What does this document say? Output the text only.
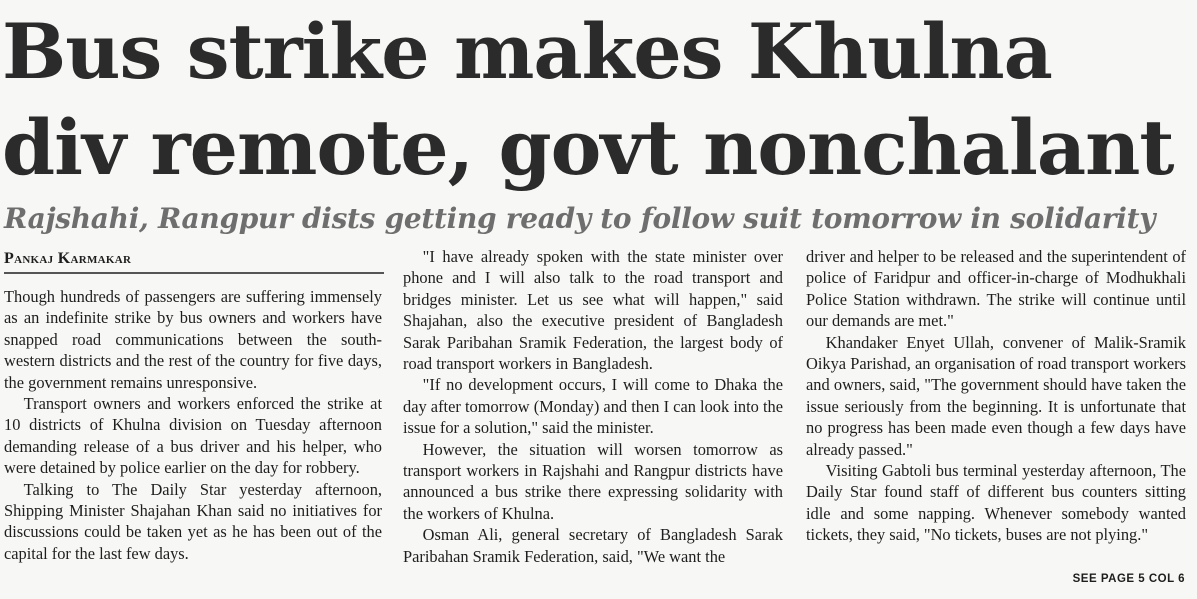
Bus strike makes Khulna div remote, govt nonchalant
Rajshahi, Rangpur dists getting ready to follow suit tomorrow in solidarity
Pankaj Karmakar

Though hundreds of passengers are suffering immensely as an indefinite strike by bus owners and workers have snapped road communications between the south-western districts and the rest of the country for five days, the government remains unresponsive.

Transport owners and workers enforced the strike at 10 districts of Khulna division on Tuesday afternoon demanding release of a bus driver and his helper, who were detained by police earlier on the day for robbery.

Talking to The Daily Star yesterday afternoon, Shipping Minister Shajahan Khan said no initiatives for discussions could be taken yet as he has been out of the capital for the last few days.

"I have already spoken with the state minister over phone and I will also talk to the road transport and bridges minister. Let us see what will happen," said Shajahan, also the executive president of Bangladesh Sarak Paribahan Sramik Federation, the largest body of road transport workers in Bangladesh.

"If no development occurs, I will come to Dhaka the day after tomorrow (Monday) and then I can look into the issue for a solution," said the minister.

However, the situation will worsen tomorrow as transport workers in Rajshahi and Rangpur districts have announced a bus strike there expressing solidarity with the workers of Khulna.

Osman Ali, general secretary of Bangladesh Sarak Paribahan Sramik Federation, said, "We want the

driver and helper to be released and the superintendent of police of Faridpur and officer-in-charge of Modhukhali Police Station withdrawn. The strike will continue until our demands are met."

Khandaker Enyet Ullah, convener of Malik-Sramik Oikya Parishad, an organisation of road transport workers and owners, said, "The government should have taken the issue seriously from the beginning. It is unfortunate that no progress has been made even though a few days have already passed."

Visiting Gabtoli bus terminal yesterday afternoon, The Daily Star found staff of different bus counters sitting idle and some napping. Whenever somebody wanted tickets, they said, "No tickets, buses are not plying."

SEE PAGE 5 COL 6
